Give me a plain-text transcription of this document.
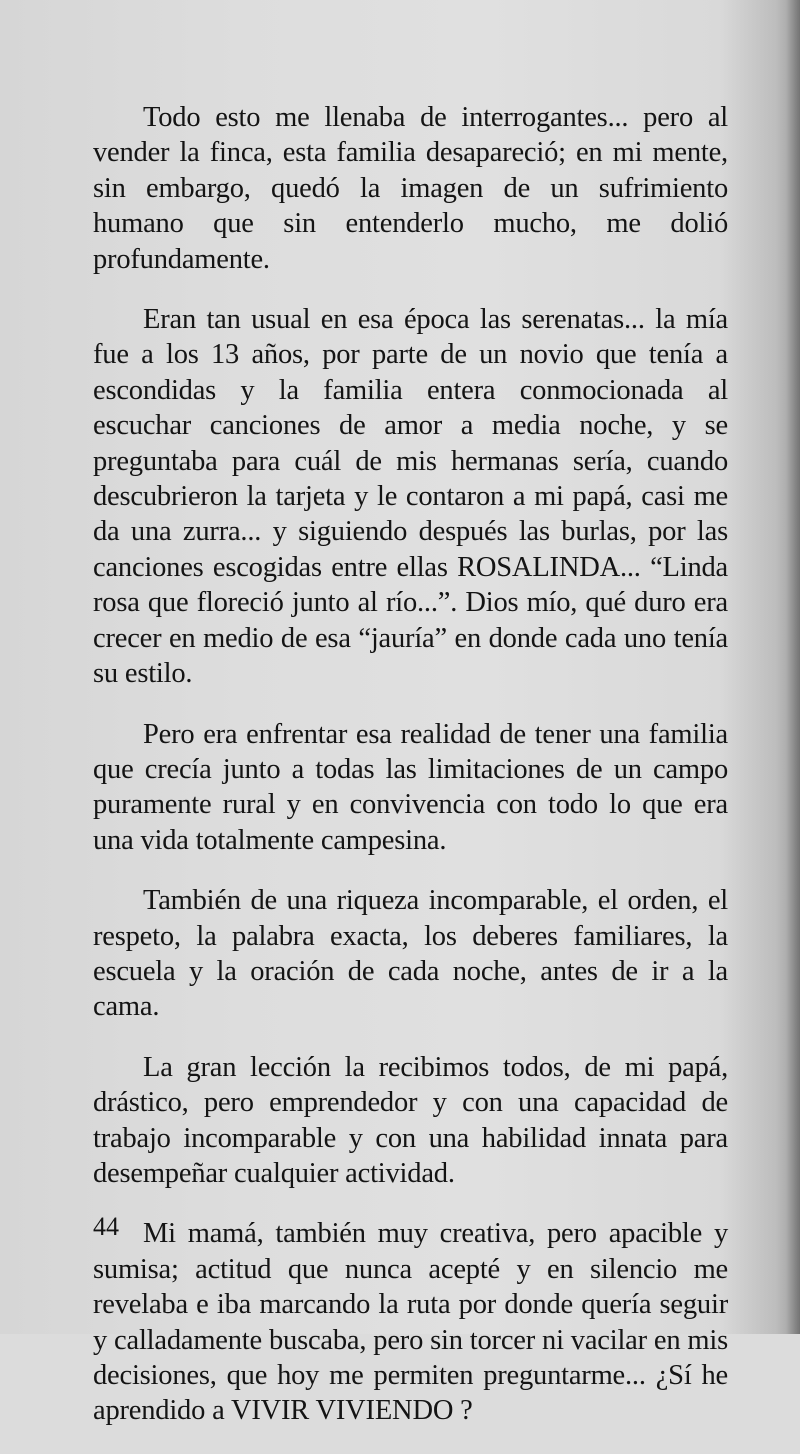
Todo esto me llenaba de interrogantes... pero al vender la finca, esta familia desapareció; en mi mente, sin embargo, quedó la imagen de un sufrimiento humano que sin entenderlo mucho, me dolió profundamente.

Eran tan usual en esa época las serenatas... la mía fue a los 13 años, por parte de un novio que tenía a escondidas y la familia entera conmocionada al escuchar canciones de amor a media noche, y se preguntaba para cuál de mis hermanas sería, cuando descubrieron la tarjeta y le contaron a mi papá, casi me da una zurra... y siguiendo después las burlas, por las canciones escogidas entre ellas ROSALINDA... “Linda rosa que floreció junto al río...”. Dios mío, qué duro era crecer en medio de esa “jauría” en donde cada uno tenía su estilo.

Pero era enfrentar esa realidad de tener una familia que crecía junto a todas las limitaciones de un campo puramente rural y en convivencia con todo lo que era una vida totalmente campesina.

También de una riqueza incomparable, el orden, el respeto, la palabra exacta, los deberes familiares, la escuela y la oración de cada noche, antes de ir a la cama.

La gran lección la recibimos todos, de mi papá, drástico, pero emprendedor y con una capacidad de trabajo incomparable y con una habilidad innata para desempeñar cualquier actividad.

Mi mamá, también muy creativa, pero apacible y sumisa; actitud que nunca acepté y en silencio me revelaba e iba marcando la ruta por donde quería seguir y calladamente buscaba, pero sin torcer ni vacilar en mis decisiones, que hoy me permiten preguntarme... ¿Sí he aprendido a VIVIR VIVIENDO ?

44
